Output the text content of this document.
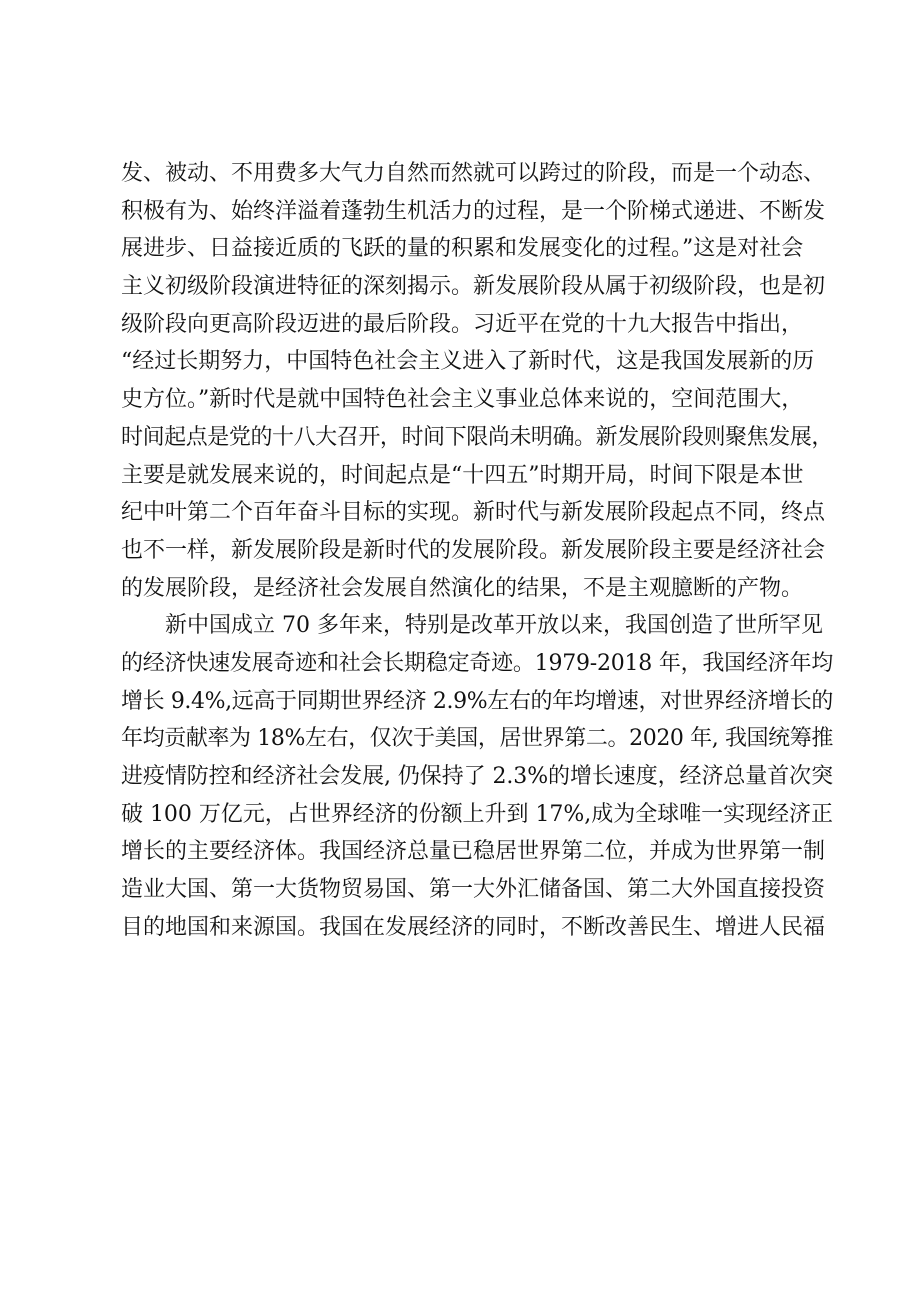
发、被动、不用费多大气力自然而然就可以跨过的阶段，而是一个动态、
积极有为、始终洋溢着蓬勃生机活力的过程，是一个阶梯式递进、不断发
展进步、日益接近质的飞跃的量的积累和发展变化的过程。”这是对社会
主义初级阶段演进特征的深刻揭示。新发展阶段从属于初级阶段，也是初
级阶段向更高阶段迈进的最后阶段。习近平在党的十九大报告中指出，
“经过长期努力，中国特色社会主义进入了新时代，这是我国发展新的历
史方位。”新时代是就中国特色社会主义事业总体来说的，空间范围大，
时间起点是党的十八大召开，时间下限尚未明确。新发展阶段则聚焦发展，
主要是就发展来说的，时间起点是“十四五”时期开局，时间下限是本世
纪中叶第二个百年奋斗目标的实现。新时代与新发展阶段起点不同，终点
也不一样，新发展阶段是新时代的发展阶段。新发展阶段主要是经济社会
的发展阶段，是经济社会发展自然演化的结果，不是主观臆断的产物。
新中国成立 70 多年来，特别是改革开放以来，我国创造了世所罕见
的经济快速发展奇迹和社会长期稳定奇迹。1979-2018 年，我国经济年均
增长 9.4%,远高于同期世界经济 2.9%左右的年均增速，对世界经济增长的
年均贡献率为 18%左右，仅次于美国，居世界第二。2020 年, 我国统筹推
进疫情防控和经济社会发展, 仍保持了 2.3%的增长速度，经济总量首次突
破 100 万亿元，占世界经济的份额上升到 17%,成为全球唯一实现经济正
增长的主要经济体。我国经济总量已稳居世界第二位，并成为世界第一制
造业大国、第一大货物贸易国、第一大外汇储备国、第二大外国直接投资
目的地国和来源国。我国在发展经济的同时，不断改善民生、增进人民福
